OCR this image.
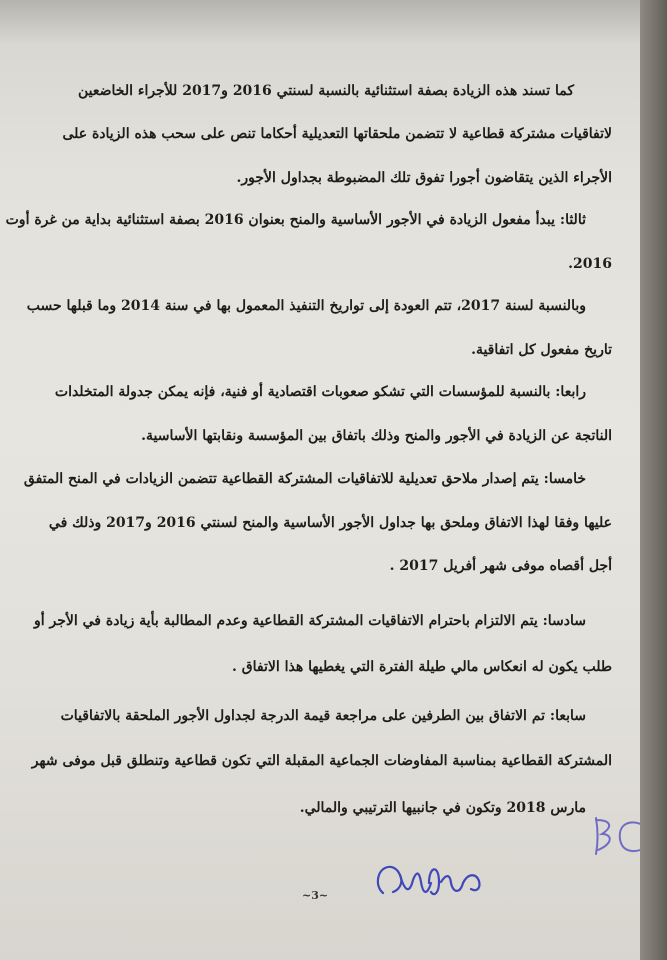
كما تسند هذه الزيادة بصفة استثنائية بالنسبة لسنتي 2016 و2017 للأجراء الخاضعين
لاتفاقيات مشتركة قطاعية لا تتضمن ملحقاتها التعديلية أحكاما تنص على سحب هذه الزيادة على
الأجراء الذين يتقاضون أجورا تفوق تلك المضبوطة بجداول الأجور.
ثالثا: يبدأ مفعول الزيادة في الأجور الأساسية والمنح بعنوان 2016 بصفة استثنائية بداية من غرة أوت
2016.
وبالنسبة لسنة 2017، تتم العودة إلى تواريخ التنفيذ المعمول بها في سنة 2014 وما قبلها حسب
تاريخ مفعول كل اتفاقية.
رابعا: بالنسبة للمؤسسات التي تشكو صعوبات اقتصادية أو فنية، فإنه يمكن جدولة المتخلدات
الناتجة عن الزيادة في الأجور والمنح وذلك باتفاق بين المؤسسة ونقابتها الأساسية.
خامسا: يتم إصدار ملاحق تعديلية للاتفاقيات المشتركة القطاعية تتضمن الزيادات في المنح المتفق
عليها وفقا لهذا الاتفاق وملحق بها جداول الأجور الأساسية والمنح لسنتي 2016 و2017 وذلك في
أجل أقصاه موفى شهر أفريل 2017 .
سادسا: يتم الالتزام باحترام الاتفاقيات المشتركة القطاعية وعدم المطالبة بأية زيادة في الأجر أو
طلب يكون له انعكاس مالي طيلة الفترة التي يغطيها هذا الاتفاق .
سابعا: تم الاتفاق بين الطرفين على مراجعة قيمة الدرجة لجداول الأجور الملحقة بالاتفاقيات
المشتركة القطاعية بمناسبة المفاوضات الجماعية المقبلة التي تكون قطاعية وتنطلق قبل موفى شهر
مارس 2018 وتكون في جانبيها الترتيبي والمالي.
~3~
